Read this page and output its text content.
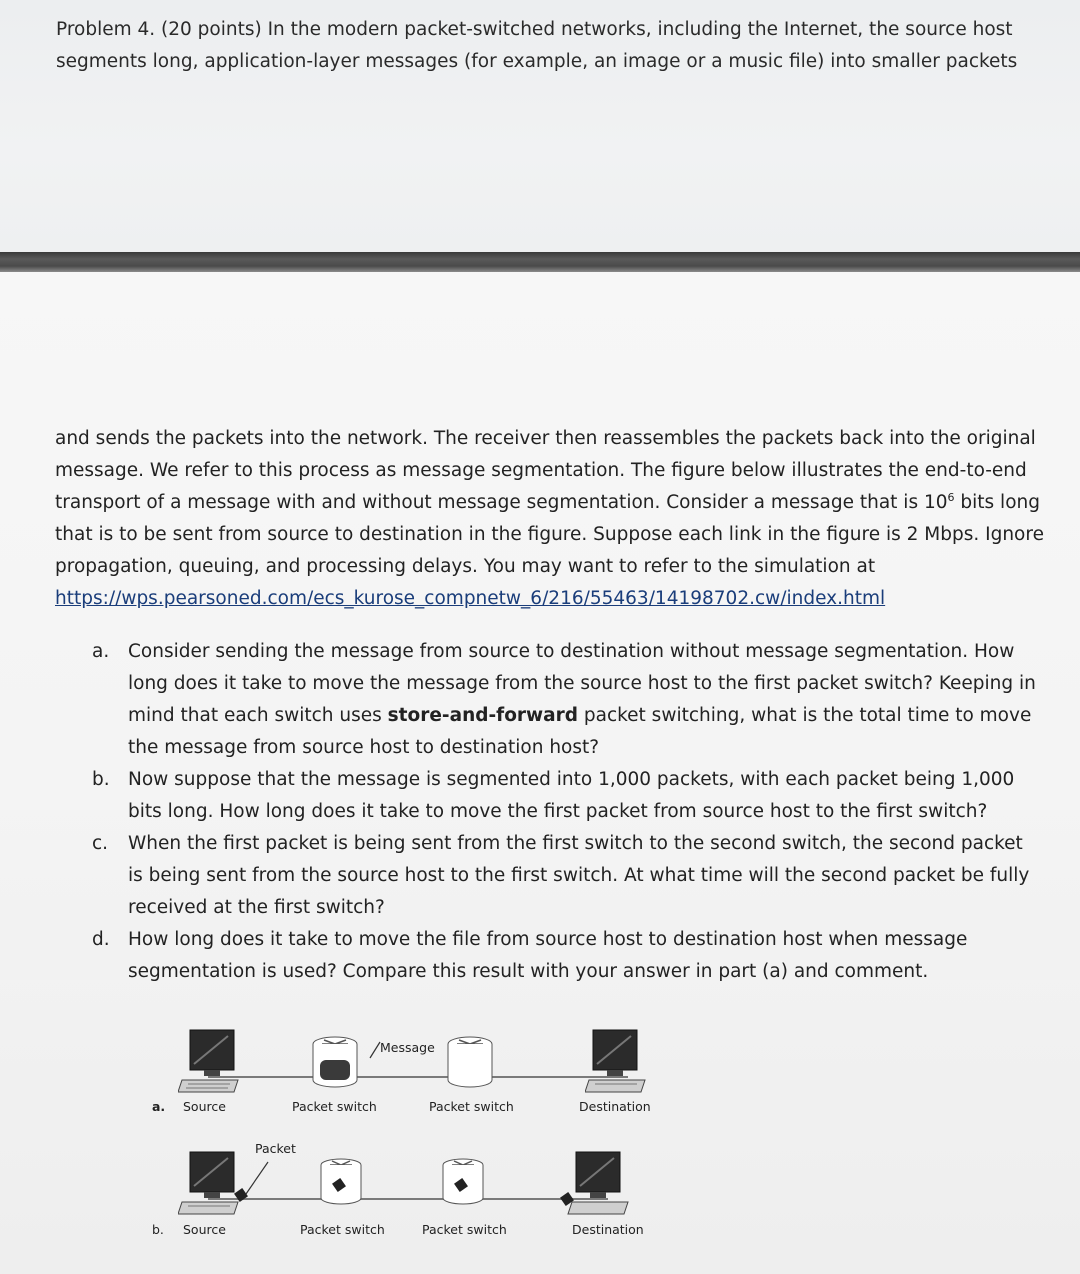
Problem 4. (20 points) In the modern packet-switched networks, including the Internet, the source host segments long, application-layer messages (for example, an image or a music file) into smaller packets
and sends the packets into the network. The receiver then reassembles the packets back into the original message. We refer to this process as message segmentation. The figure below illustrates the end-to-end transport of a message with and without message segmentation. Consider a message that is $10^6$ bits long that is to be sent from source to destination in the figure. Suppose each link in the figure is 2 Mbps. Ignore propagation, queuing, and processing delays. You may want to refer to the simulation at https://wps.pearsoned.com/ecs_kurose_compnetw_6/216/55463/14198702.cw/index.html
a.	Consider sending the message from source to destination without message segmentation. How long does it take to move the message from the source host to the first packet switch? Keeping in mind that each switch uses store-and-forward packet switching, what is the total time to move the message from source host to destination host?
b. Now suppose that the message is segmented into 1,000 packets, with each packet being 1,000 bits long. How long does it take to move the first packet from source host to the first switch?
c.	When the first packet is being sent from the first switch to the second switch, the second packet is being sent from the source host to the first switch. At what time will the second packet be fully received at the first switch?
d. How long does it take to move the file from source host to destination host when message segmentation is used? Compare this result with your answer in part (a) and comment.
Message
a. Source	Packet switch	Packet switch	Destination
Packet
b. Source	Packet switch	Packet switch	Destination
